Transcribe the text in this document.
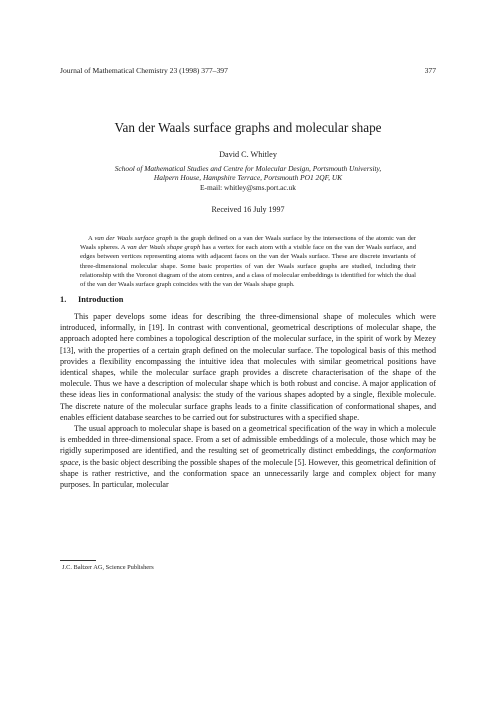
Journal of Mathematical Chemistry 23 (1998) 377–397	377
Van der Waals surface graphs and molecular shape
David C. Whitley
School of Mathematical Studies and Centre for Molecular Design, Portsmouth University,
Halpern House, Hampshire Terrace, Portsmouth PO1 2QF, UK
E-mail: whitley@sms.port.ac.uk
Received 16 July 1997
A van der Waals surface graph is the graph defined on a van der Waals surface by the intersections of the atomic van der Waals spheres. A van der Waals shape graph has a vertex for each atom with a visible face on the van der Waals surface, and edges between vertices representing atoms with adjacent faces on the van der Waals surface. These are discrete invariants of three-dimensional molecular shape. Some basic properties of van der Waals surface graphs are studied, including their relationship with the Voronoi diagram of the atom centres, and a class of molecular embeddings is identified for which the dual of the van der Waals surface graph coincides with the van der Waals shape graph.
1. Introduction

This paper develops some ideas for describing the three-dimensional shape of molecules which were introduced, informally, in [19]. In contrast with conventional, geometrical descriptions of molecular shape, the approach adopted here combines a topological description of the molecular surface, in the spirit of work by Mezey [13], with the properties of a certain graph defined on the molecular surface. The topological basis of this method provides a flexibility encompassing the intuitive idea that molecules with similar geometrical positions have identical shapes, while the molecular surface graph provides a discrete characterisation of the shape of the molecule. Thus we have a description of molecular shape which is both robust and concise. A major application of these ideas lies in conformational analysis: the study of the various shapes adopted by a single, flexible molecule. The discrete nature of the molecular surface graphs leads to a finite classification of conformational shapes, and enables efficient database searches to be carried out for substructures with a specified shape.

The usual approach to molecular shape is based on a geometrical specification of the way in which a molecule is embedded in three-dimensional space. From a set of admissible embeddings of a molecule, those which may be rigidly superimposed are identified, and the resulting set of geometrically distinct embeddings, the conformation space, is the basic object describing the possible shapes of the molecule [5]. However, this geometrical definition of shape is rather restrictive, and the conformation space an unnecessarily large and complex object for many purposes. In particular, molecular

J.C. Baltzer AG, Science Publishers
